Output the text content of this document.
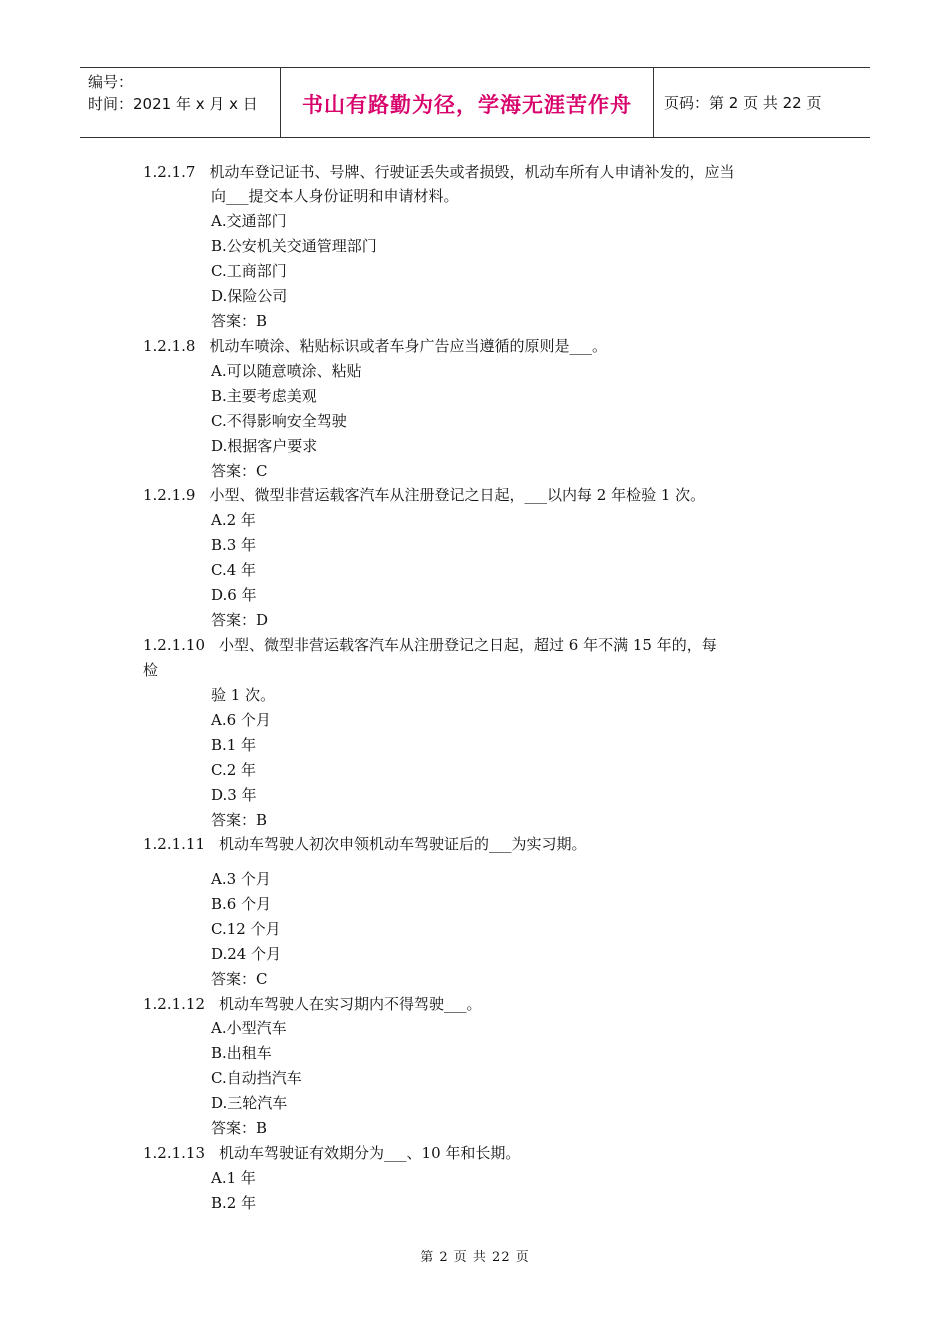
编号：
时间：2021 年 x 月 x 日	书山有路勤为径，学海无涯苦作舟 页码：第 2 页 共 22 页
1.2.1.7 机动车登记证书、号牌、行驶证丢失或者损毁，机动车所有人申请补发的，应当
向___提交本人身份证明和申请材料。
A.交通部门
B.公安机关交通管理部门
C.工商部门
D.保险公司
答案：B
1.2.1.8 机动车喷涂、粘贴标识或者车身广告应当遵循的原则是___。
A.可以随意喷涂、粘贴
B.主要考虑美观
C.不得影响安全驾驶
D.根据客户要求
答案：C
1.2.1.9 小型、微型非营运载客汽车从注册登记之日起，___以内每 2 年检验 1 次。
A.2 年
B.3 年
C.4 年
D.6 年
答案：D
1.2.1.10 小型、微型非营运载客汽车从注册登记之日起，超过 6 年不满 15 年的，每
检
验 1 次。
A.6 个月
B.1 年
C.2 年
D.3 年
答案：B
1.2.1.11 机动车驾驶人初次申领机动车驾驶证后的___为实习期。
A.3 个月
B.6 个月
C.12 个月
D.24 个月
答案：C
1.2.1.12 机动车驾驶人在实习期内不得驾驶___。
A.小型汽车
B.出租车
C.自动挡汽车
D.三轮汽车
答案：B
1.2.1.13 机动车驾驶证有效期分为___、10 年和长期。
A.1 年
B.2 年
第 2 页 共 22 页
